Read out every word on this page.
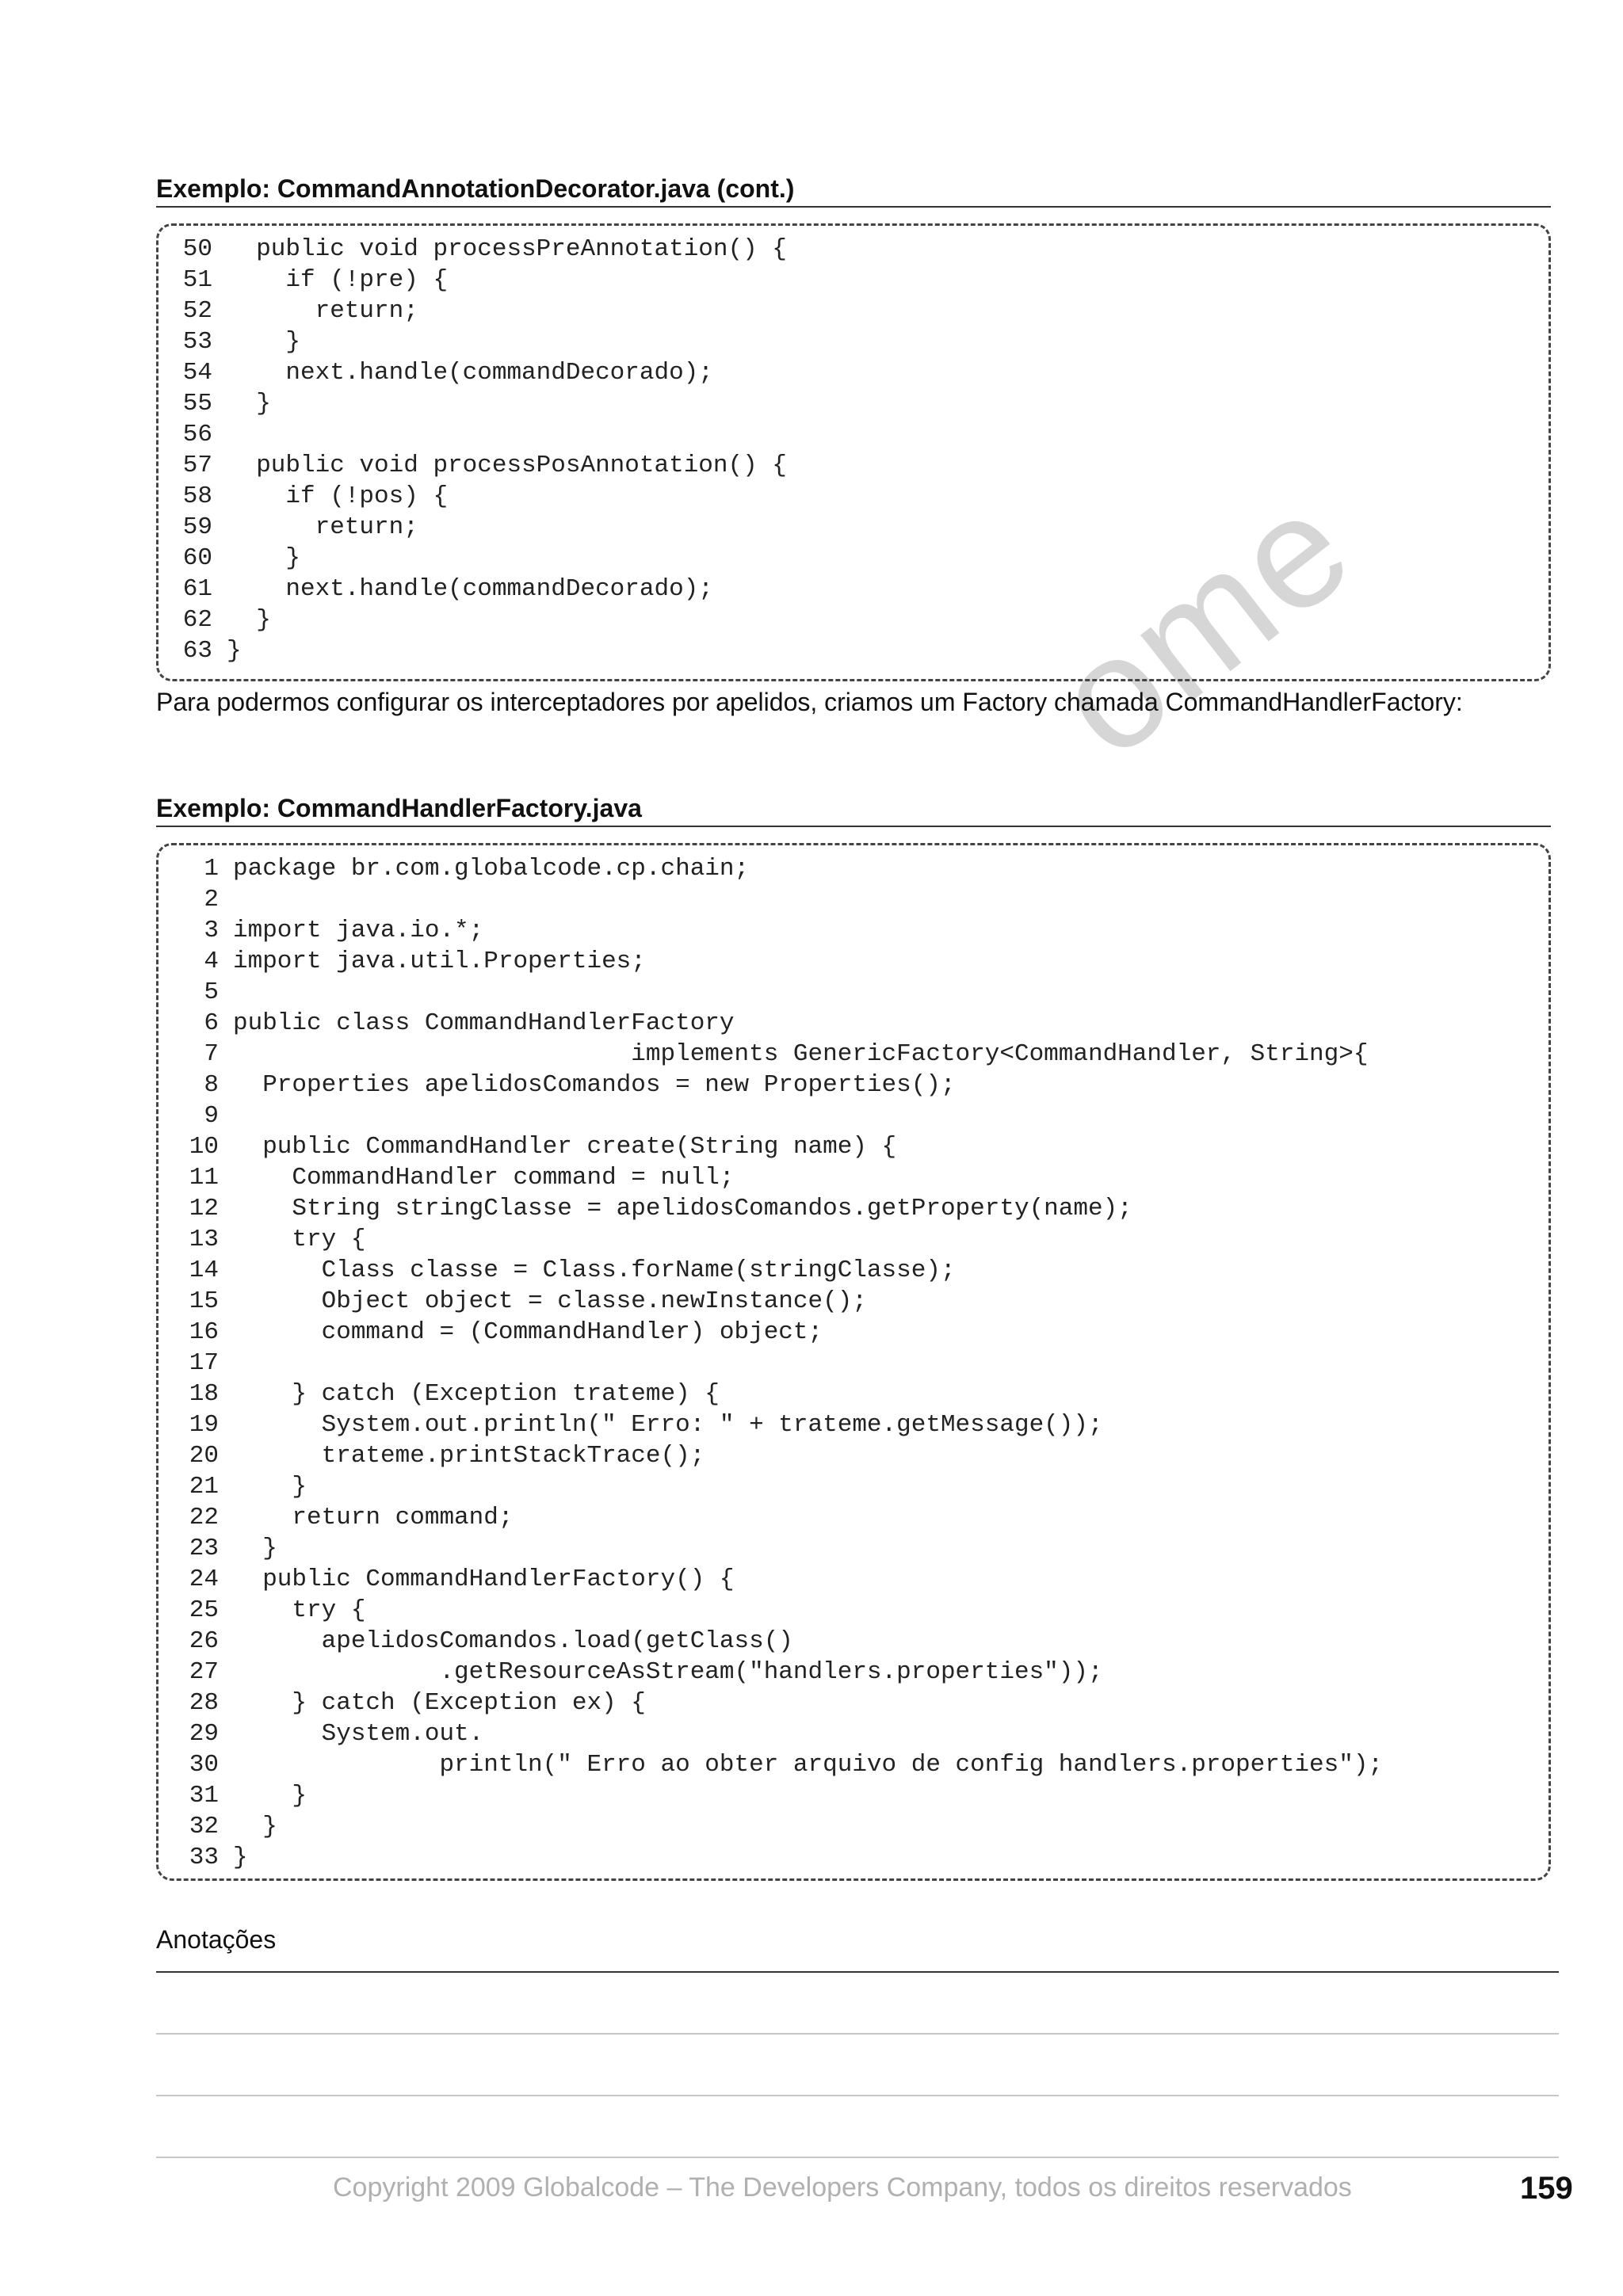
ome
Exemplo: CommandAnnotationDecorator.java (cont.)
50 public void processPreAnnotation() {
51 if (!pre) {
52 return;
53 }
54 next.handle(commandDecorado);
55 }
56
57 public void processPosAnnotation() {
58 if (!pos) {
59 return;
60 }
61 next.handle(commandDecorado);
62 }
63 }
Para podermos configurar os interceptadores por apelidos, criamos um Factory chamada CommandHandlerFactory:
Exemplo: CommandHandlerFactory.java
1 package br.com.globalcode.cp.chain;
2
3 import java.io.*;
4 import java.util.Properties;
5
6 public class CommandHandlerFactory
7 implements GenericFactory<CommandHandler, String>{
8 Properties apelidosComandos = new Properties();
9
10 public CommandHandler create(String name) {
11 CommandHandler command = null;
12 String stringClasse = apelidosComandos.getProperty(name);
13 try {
14 Class classe = Class.forName(stringClasse);
15 Object object = classe.newInstance();
16 command = (CommandHandler) object;
17
18 } catch (Exception trateme) {
19 System.out.println(" Erro: " + trateme.getMessage());
20 trateme.printStackTrace();
21 }
22 return command;
23 }
24 public CommandHandlerFactory() {
25 try {
26 apelidosComandos.load(getClass()
27 .getResourceAsStream("handlers.properties"));
28 } catch (Exception ex) {
29 System.out.
30 println(" Erro ao obter arquivo de config handlers.properties");
31 }
32 }
33 }
Anotações
Copyright 2009 Globalcode – The Developers Company, todos os direitos reservados	159
